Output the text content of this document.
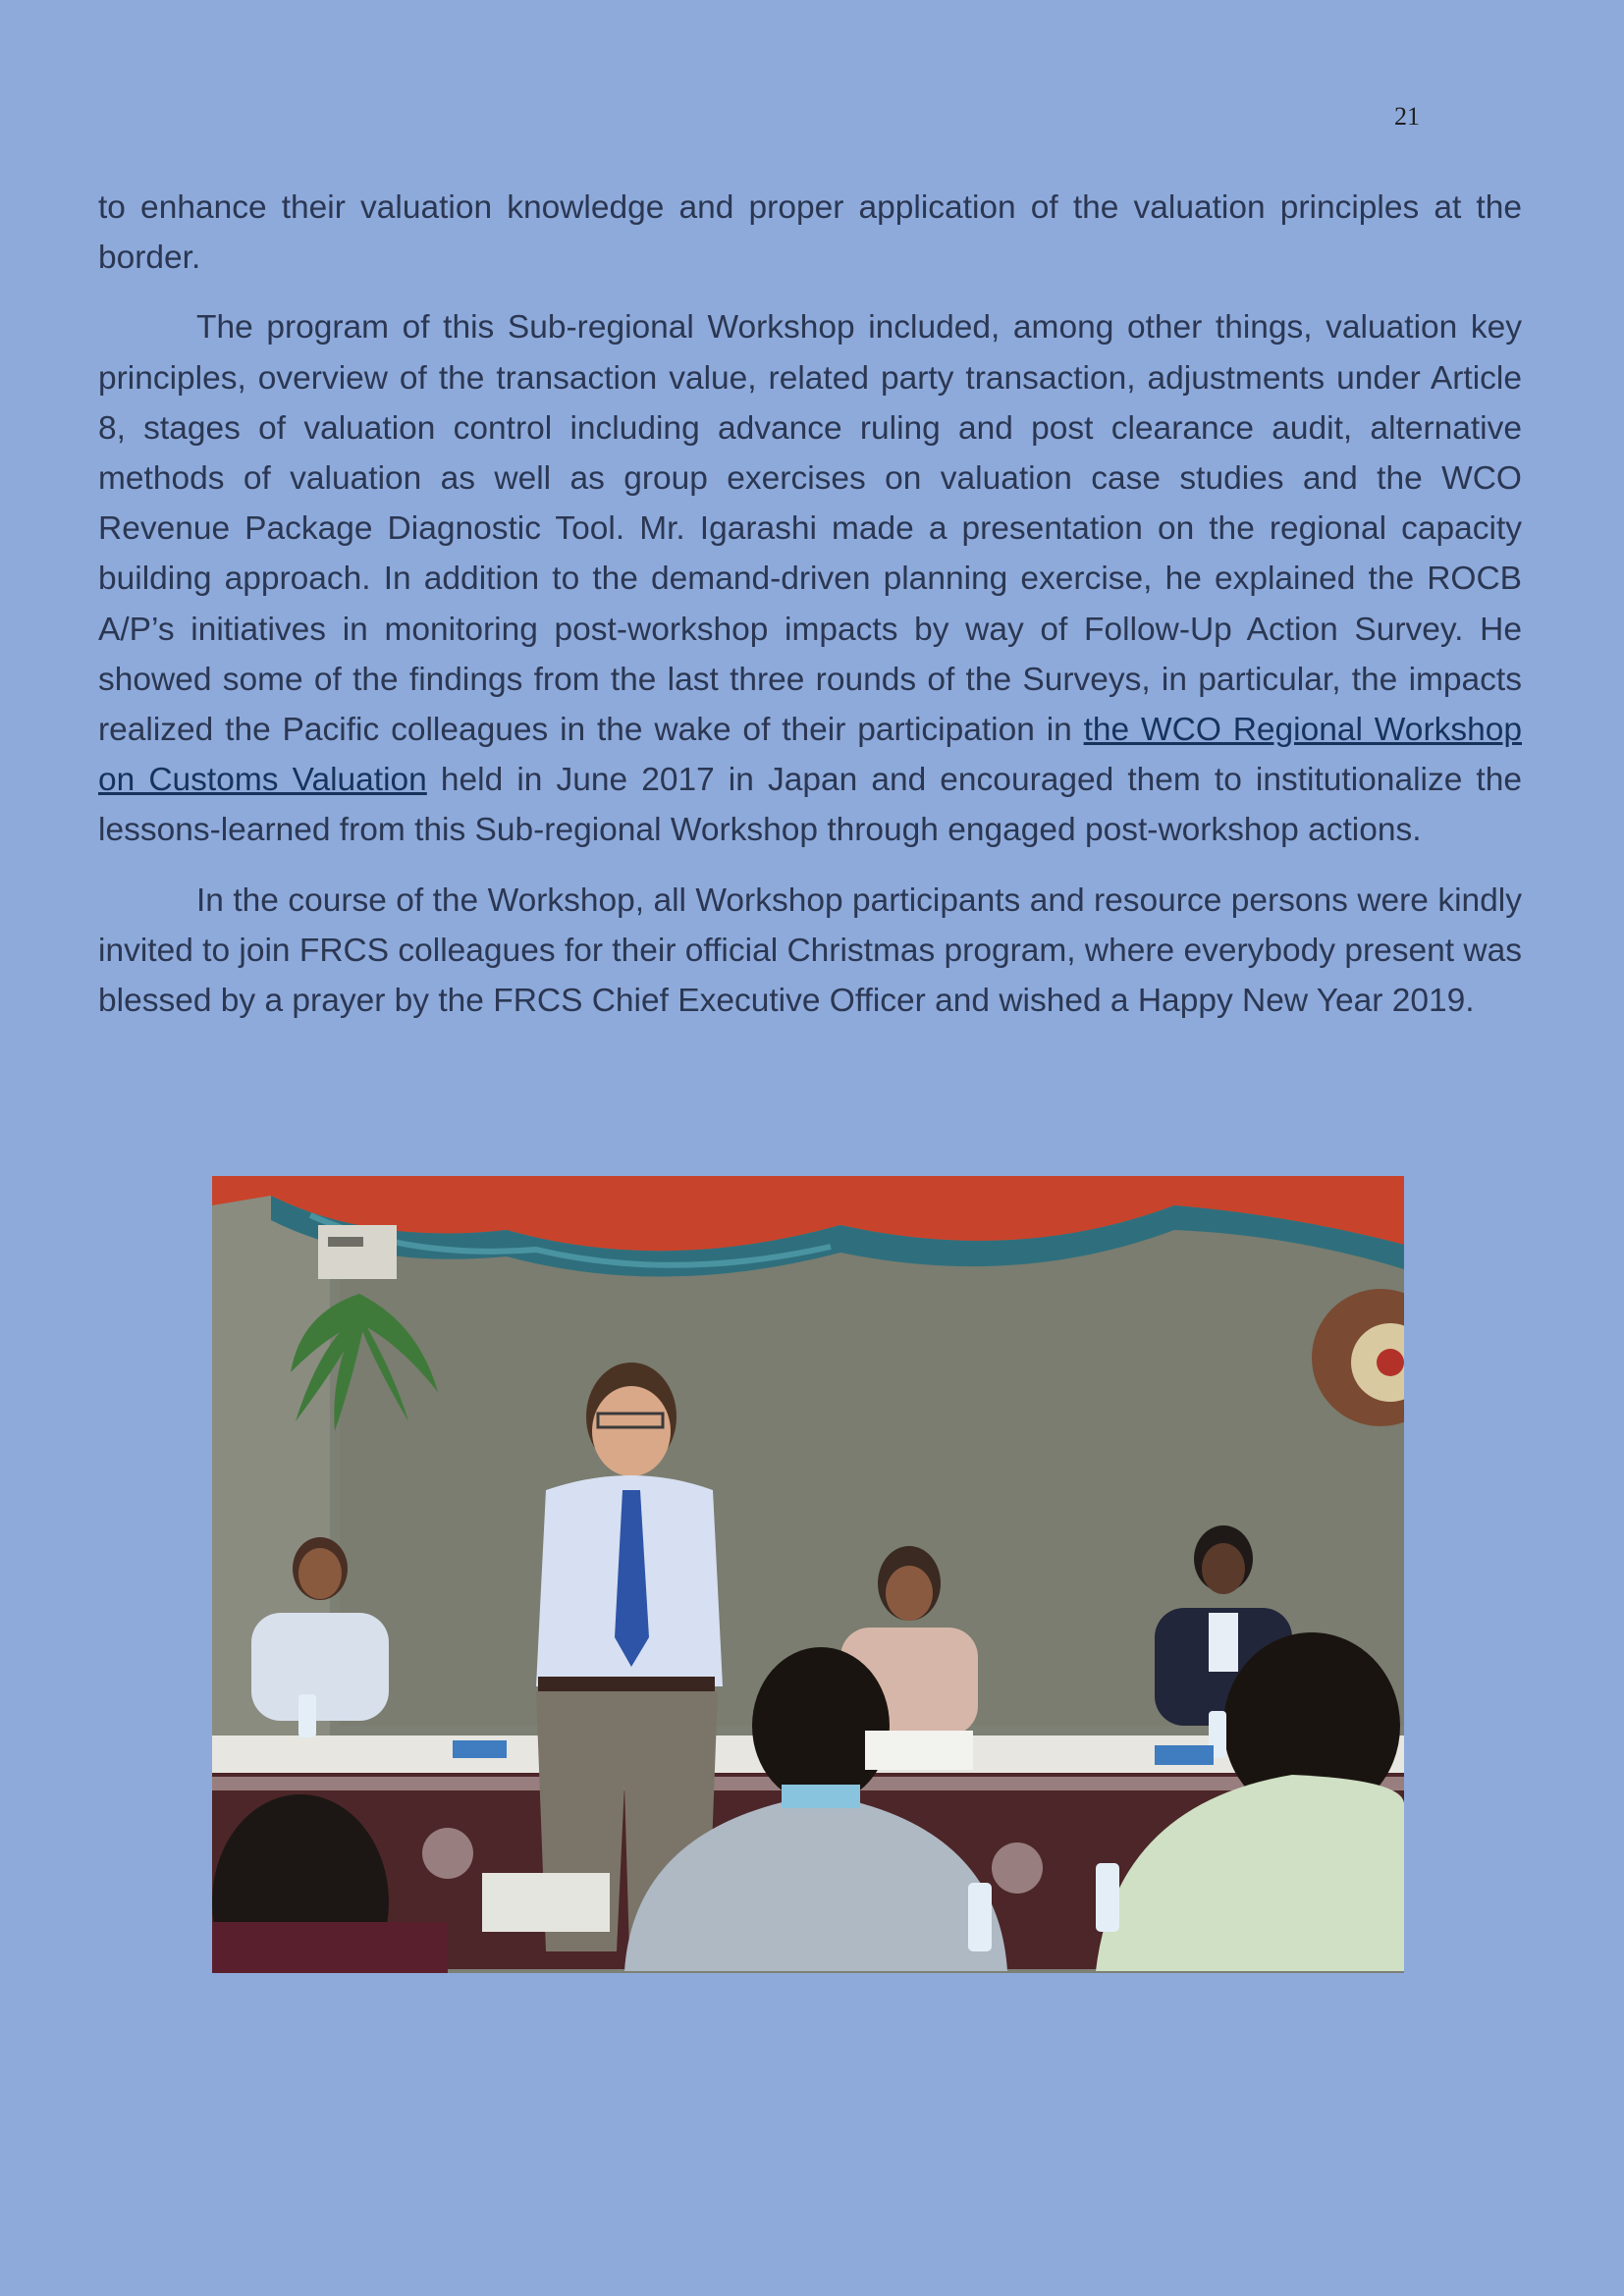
21

to enhance their valuation knowledge and proper application of the valuation principles at the border.

The program of this Sub-regional Workshop included, among other things, valuation key principles, overview of the transaction value, related party transaction, adjustments under Article 8, stages of valuation control including advance ruling and post clearance audit, alternative methods of valuation as well as group exercises on valuation case studies and the WCO Revenue Package Diagnostic Tool. Mr. Igarashi made a presentation on the regional capacity building approach. In addition to the demand-driven planning exercise, he explained the ROCB A/P’s initiatives in monitoring post-workshop impacts by way of Follow-Up Action Survey. He showed some of the findings from the last three rounds of the Surveys, in particular, the impacts realized the Pacific colleagues in the wake of their participation in the WCO Regional Workshop on Customs Valuation held in June 2017 in Japan and encouraged them to institutionalize the lessons-learned from this Sub-regional Workshop through engaged post-workshop actions.

In the course of the Workshop, all Workshop participants and resource persons were kindly invited to join FRCS colleagues for their official Christmas program, where everybody present was blessed by a prayer by the FRCS Chief Executive Officer and wished a Happy New Year 2019.
